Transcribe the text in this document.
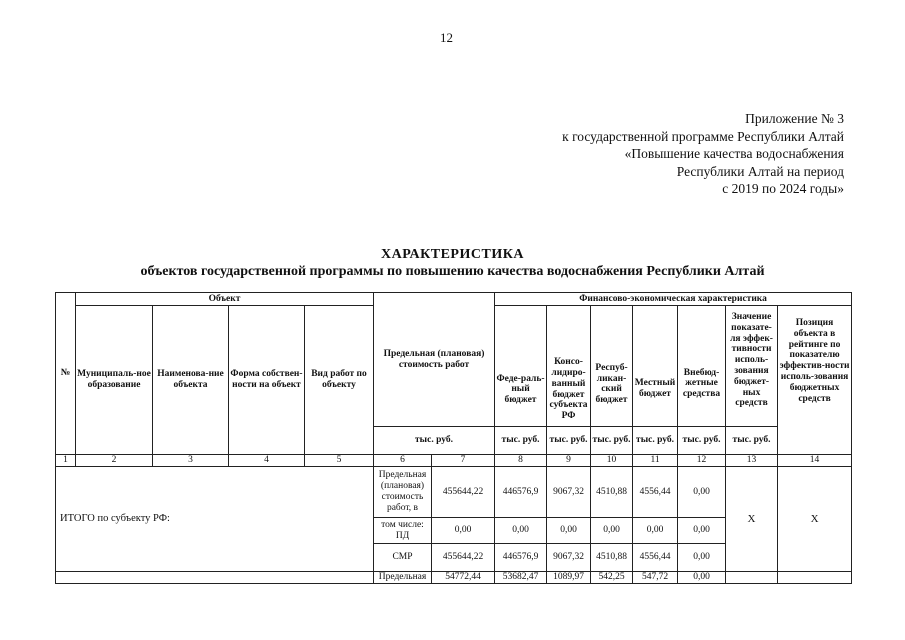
12
Приложение № 3
к государственной программе Республики Алтай
«Повышение качества водоснабжения
Республики Алтай на период
с 2019 по 2024 годы»
ХАРАКТЕРИСТИКА
объектов государственной программы по повышению качества водоснабжения Республики Алтай
№	Объект				Предельная (плановая) стоимость работ		Финансово-экономическая характеристика						
	Муниципаль-ное образование	Наименова-ние объекта	Форма собствен-ности на объект	Вид работ по объекту			Феде-раль-ный бюджет	Консо-лидиро-ванный бюджет субъекта РФ	Респуб-ликан-ский бюджет	Местный бюджет	Внебюд-жетные средства	Значение показате-ля эффек-тивности исполь-зования бюджет-ных средств	Позиция объекта в рейтинге по показателю эффектив-ности исполь-зования бюджетных средств
					тыс. руб.		тыс. руб.	тыс. руб.	тыс. руб.	тыс. руб.	тыс. руб.	тыс. руб.	
1	2	3	4	5	6	7	8	9	10	11	12	13	14
ИТОГО по субъекту РФ:					Предельная (плановая) стоимость работ, в	455644,22	446576,9	9067,32	4510,88	4556,44	0,00	X	X
					том числе: ПД	0,00	0,00	0,00	0,00	0,00	0,00		
					СМР	455644,22	446576,9	9067,32	4510,88	4556,44	0,00		
					Предельная	54772,44	53682,47	1089,97	542,25	547,72	0,00		
